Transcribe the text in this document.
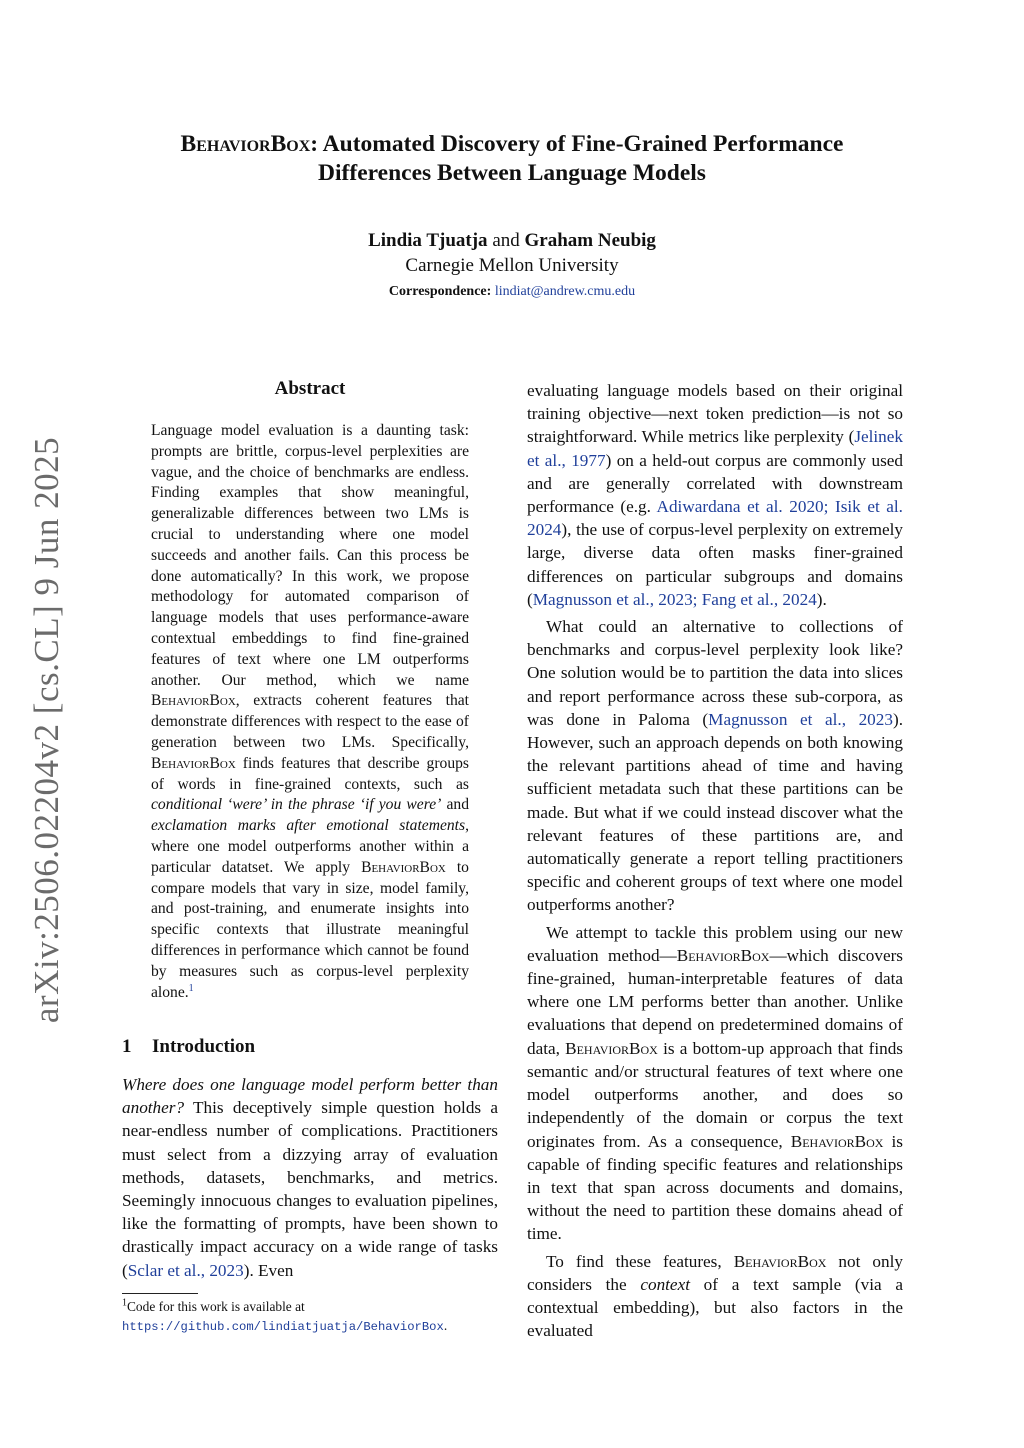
arXiv:2506.02204v2 [cs.CL] 9 Jun 2025
BehaviorBox: Automated Discovery of Fine-Grained Performance
Differences Between Language Models
Lindia Tjuatja and Graham Neubig
Carnegie Mellon University
Correspondence: lindiat@andrew.cmu.edu
Abstract
Language model evaluation is a daunting task: prompts are brittle, corpus-level perplexities are vague, and the choice of benchmarks are endless. Finding examples that show meaningful, generalizable differences between two LMs is crucial to understanding where one model succeeds and another fails. Can this process be done automatically? In this work, we propose methodology for automated comparison of language models that uses performance-aware contextual embeddings to find fine-grained features of text where one LM outperforms another. Our method, which we name BehaviorBox, extracts coherent features that demonstrate differences with respect to the ease of generation between two LMs. Specifically, BehaviorBox finds features that describe groups of words in fine-grained contexts, such as conditional ‘were’ in the phrase ‘if you were’ and exclamation marks after emotional statements, where one model outperforms another within a particular datatset. We apply BehaviorBox to compare models that vary in size, model family, and post-training, and enumerate insights into specific contexts that illustrate meaningful differences in performance which cannot be found by measures such as corpus-level perplexity alone.$^1$
1 Introduction
Where does one language model perform better than another? This deceptively simple question holds a near-endless number of complications. Practitioners must select from a dizzying array of evaluation methods, datasets, benchmarks, and metrics. Seemingly innocuous changes to evaluation pipelines, like the formatting of prompts, have been shown to drastically impact accuracy on a wide range of tasks (Sclar et al., 2023). Even
$^1$Code for this work is available at https://github.com/lindiatjuatja/BehaviorBox.

evaluating language models based on their original training objective—next token prediction—is not so straightforward. While metrics like perplexity (Jelinek et al., 1977) on a held-out corpus are commonly used and are generally correlated with downstream performance (e.g. Adiwardana et al. 2020; Isik et al. 2024), the use of corpus-level perplexity on extremely large, diverse data often masks finer-grained differences on particular subgroups and domains (Magnusson et al., 2023; Fang et al., 2024).

What could an alternative to collections of benchmarks and corpus-level perplexity look like? One solution would be to partition the data into slices and report performance across these sub-corpora, as was done in Paloma (Magnusson et al., 2023). However, such an approach depends on both knowing the relevant partitions ahead of time and having sufficient metadata such that these partitions can be made. But what if we could instead discover what the relevant features of these partitions are, and automatically generate a report telling practitioners specific and coherent groups of text where one model outperforms another?

We attempt to tackle this problem using our new evaluation method—BehaviorBox—which discovers fine-grained, human-interpretable features of data where one LM performs better than another. Unlike evaluations that depend on predetermined domains of data, BehaviorBox is a bottom-up approach that finds semantic and/or structural features of text where one model outperforms another, and does so independently of the domain or corpus the text originates from. As a consequence, BehaviorBox is capable of finding specific features and relationships in text that span across documents and domains, without the need to partition these domains ahead of time.

To find these features, BehaviorBox not only considers the context of a text sample (via a contextual embedding), but also factors in the evaluated
